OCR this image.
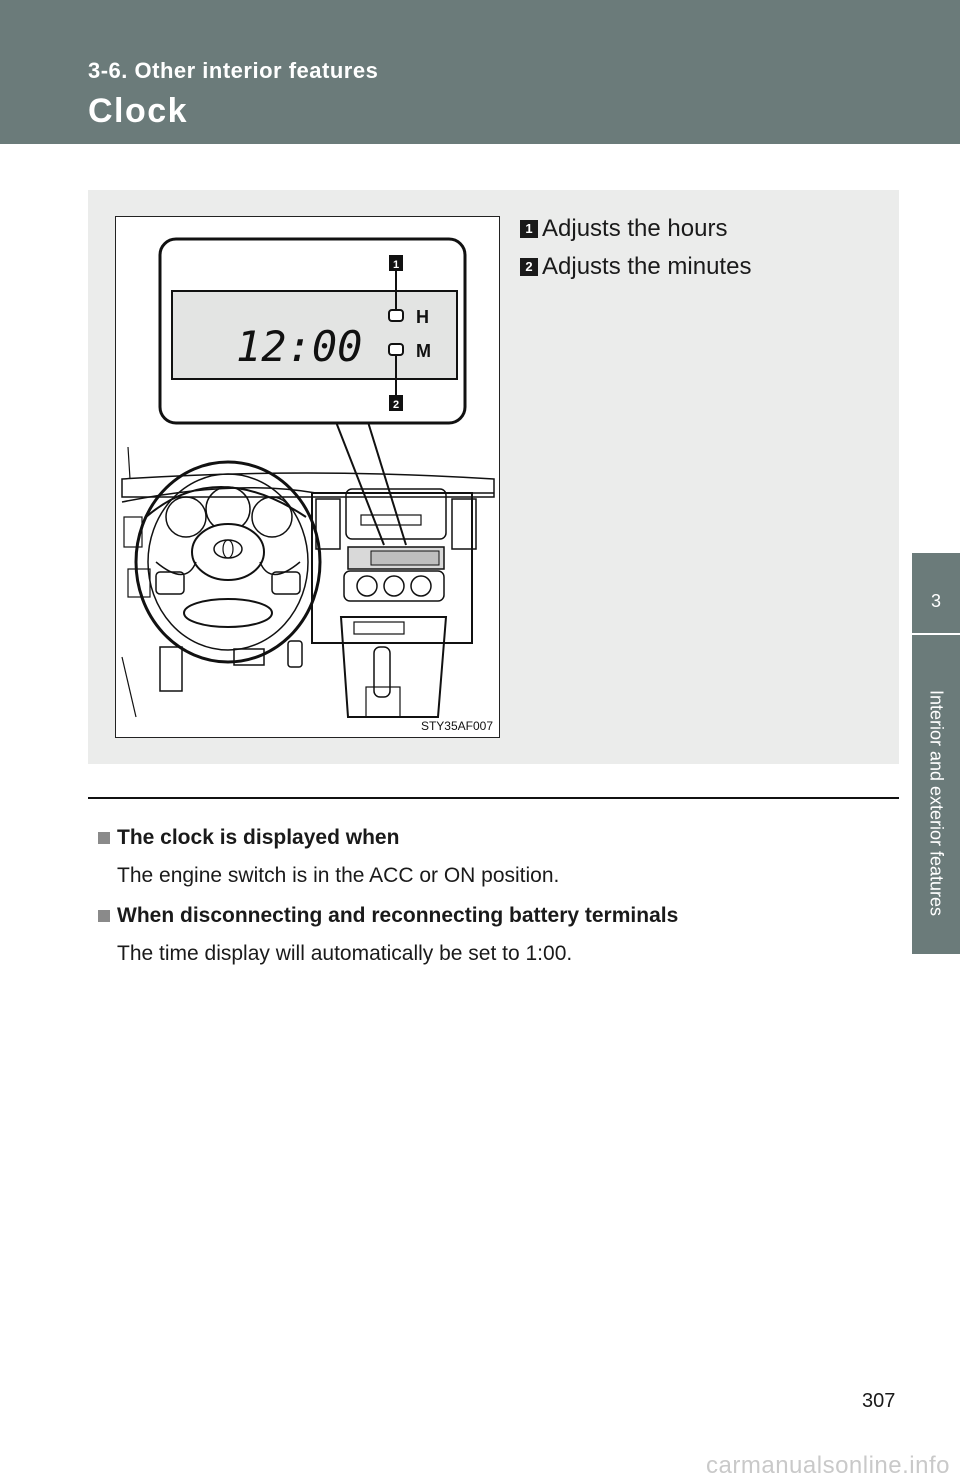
3-6. Other interior features
Clock
3
Interior and exterior features
12:00
H
M
1
2
STY35AF007
1 Adjusts the hours
2 Adjusts the minutes
The clock is displayed when
The engine switch is in the ACC or ON position.
When disconnecting and reconnecting battery terminals
The time display will automatically be set to 1:00.
307
carmanualsonline.info
